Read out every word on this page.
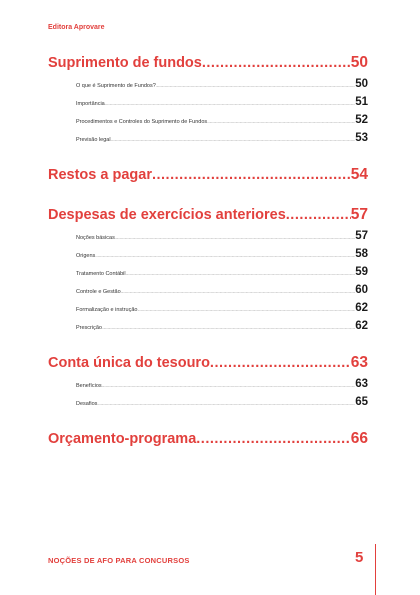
Editora Aprovare
Suprimento de fundos .....	50
O que é Suprimento de Fundos? .....	50
Importância .....	51
Procedimentos e Controles do Suprimento de Fundos .....	52
Previsão legal .....	53
Restos a pagar .....	54
Despesas de exercícios anteriores .....	57
Noções básicas .....	57
Origens .....	58
Tratamento Contábil .....	59
Controle e Gestão .....	60
Formalização e instrução .....	62
Prescrição .....	62
Conta única do tesouro .....	63
Benefícios .....	63
Desafios .....	65
Orçamento-programa .....	66
NOÇÕES DE AFO PARA CONCURSOS	5
